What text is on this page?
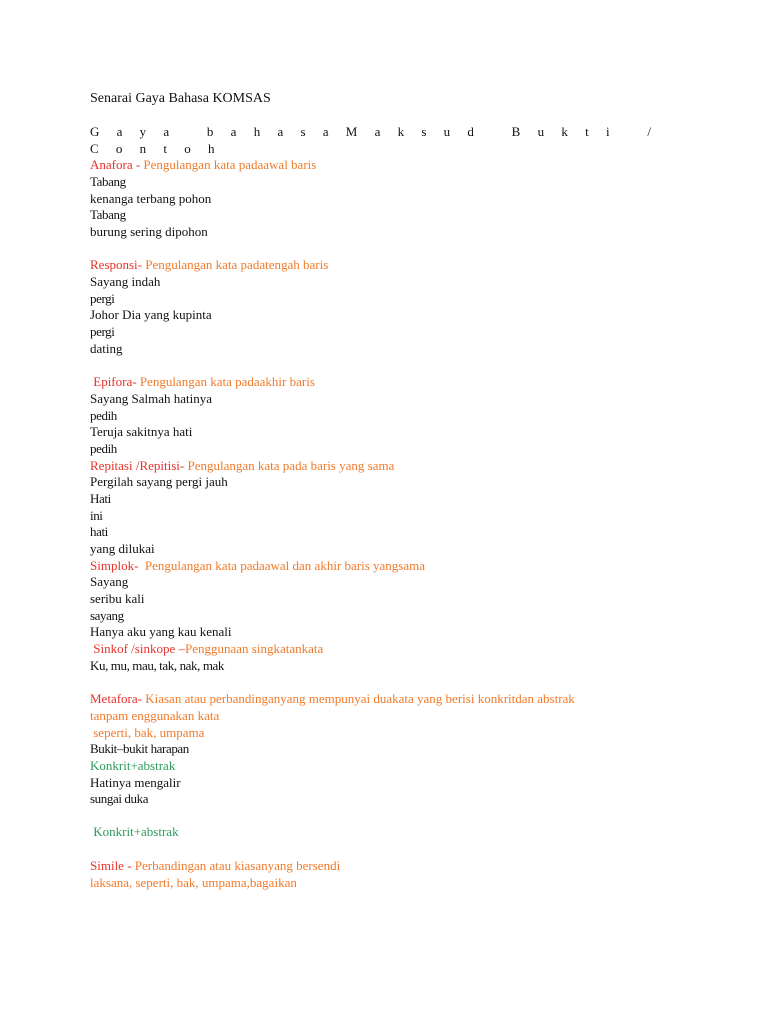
Senarai Gaya Bahasa KOMSAS
G a y a   b a h a s a M a k s u d   B u k t i   /
C o n t o h
Anafora - Pengulangan kata padaawal baris
Tabang
kenanga terbang pohon
Tabang
burung sering dipohon
Responsi- Pengulangan kata padatengah baris
Sayang indah
pergi
Johor Dia yang kupinta
pergi
dating
Epifora- Pengulangan kata padaakhir baris
Sayang Salmah hatinya
pedih
Teruja sakitnya hati
pedih
Repitasi /Repitisi- Pengulangan kata pada baris yang sama
Pergilah sayang pergi jauh
Hati
ini
hati
yang dilukai
Simplok-  Pengulangan kata padaawal dan akhir baris yangsama
Sayang
seribu kali
sayang
Hanya aku yang kau kenali
Sinkof /sinkope –Penggunaan singkatankata
Ku, mu, mau, tak, nak, mak
Metafora- Kiasan atau perbandinganyang mempunyai duakata yang berisi konkritdan abstrak
tanpam enggunakan kata
seperti, bak, umpama
Bukit–bukit harapan
Konkrit+abstrak
Hatinya mengalir
sungai duka
Konkrit+abstrak
Simile - Perbandingan atau kiasanyang bersendi
laksana, seperti, bak, umpama,bagaikan
